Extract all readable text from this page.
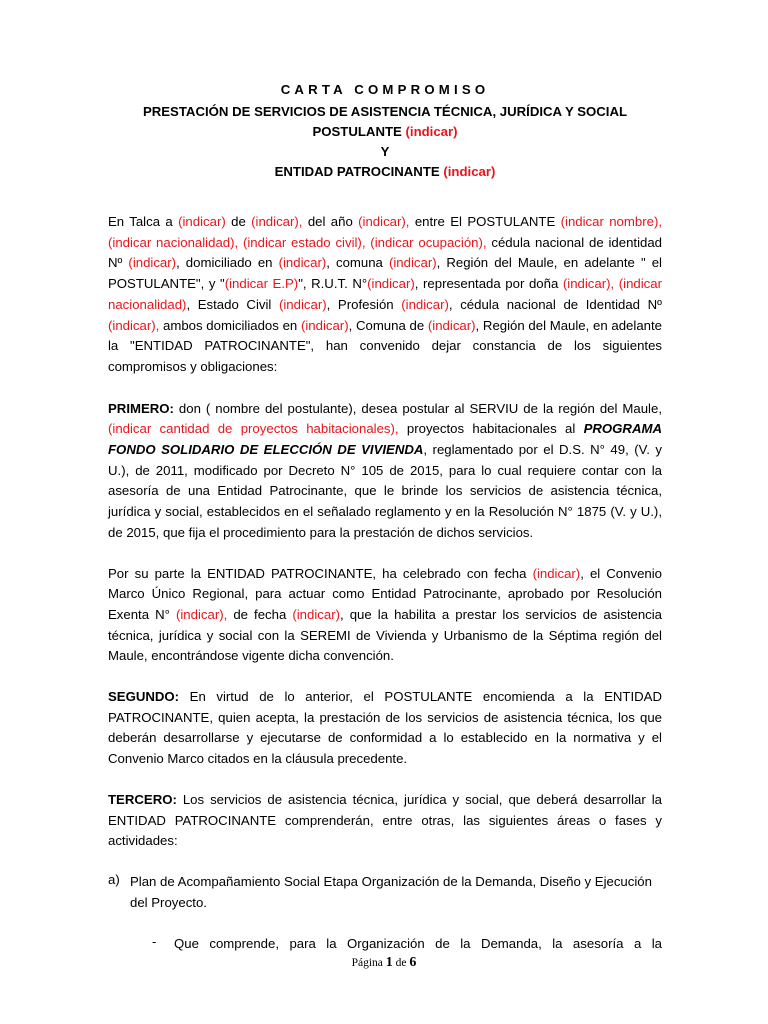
CARTA COMPROMISO
PRESTACIÓN DE SERVICIOS DE ASISTENCIA TÉCNICA, JURÍDICA Y SOCIAL
POSTULANTE (indicar)
Y
ENTIDAD PATROCINANTE (indicar)

En Talca a (indicar) de (indicar), del año (indicar), entre El POSTULANTE (indicar nombre), (indicar nacionalidad), (indicar estado civil), (indicar ocupación), cédula nacional de identidad Nº (indicar), domiciliado en (indicar), comuna (indicar), Región del Maule, en adelante " el POSTULANTE", y "(indicar E.P)", R.U.T. N°(indicar), representada por doña (indicar), (indicar nacionalidad), Estado Civil (indicar), Profesión (indicar), cédula nacional de Identidad Nº (indicar), ambos domiciliados en (indicar), Comuna de (indicar), Región del Maule, en adelante la "ENTIDAD PATROCINANTE", han convenido dejar constancia de los siguientes compromisos y obligaciones:

PRIMERO: don ( nombre del postulante), desea postular al SERVIU de la región del Maule, (indicar cantidad de proyectos habitacionales), proyectos habitacionales al PROGRAMA FONDO SOLIDARIO DE ELECCIÓN DE VIVIENDA, reglamentado por el D.S. N° 49, (V. y U.), de 2011, modificado por Decreto N° 105 de 2015, para lo cual requiere contar con la asesoría de una Entidad Patrocinante, que le brinde los servicios de asistencia técnica, jurídica y social, establecidos en el señalado reglamento y en la Resolución N° 1875 (V. y U.), de 2015, que fija el procedimiento para la prestación de dichos servicios.

Por su parte la ENTIDAD PATROCINANTE, ha celebrado con fecha (indicar), el Convenio Marco Único Regional, para actuar como Entidad Patrocinante, aprobado por Resolución Exenta N° (indicar), de fecha (indicar), que la habilita a prestar los servicios de asistencia técnica, jurídica y social con la SEREMI de Vivienda y Urbanismo de la Séptima región del Maule, encontrándose vigente dicha convención.

SEGUNDO: En virtud de lo anterior, el POSTULANTE encomienda a la ENTIDAD PATROCINANTE, quien acepta, la prestación de los servicios de asistencia técnica, los que deberán desarrollarse y ejecutarse de conformidad a lo establecido en la normativa y el Convenio Marco citados en la cláusula precedente.

TERCERO: Los servicios de asistencia técnica, jurídica y social, que deberá desarrollar la ENTIDAD PATROCINANTE comprenderán, entre otras, las siguientes áreas o fases y actividades:

a) Plan de Acompañamiento Social Etapa Organización de la Demanda, Diseño y Ejecución del Proyecto.

- Que comprende, para la Organización de la Demanda, la asesoría a la

Página 1 de 6
